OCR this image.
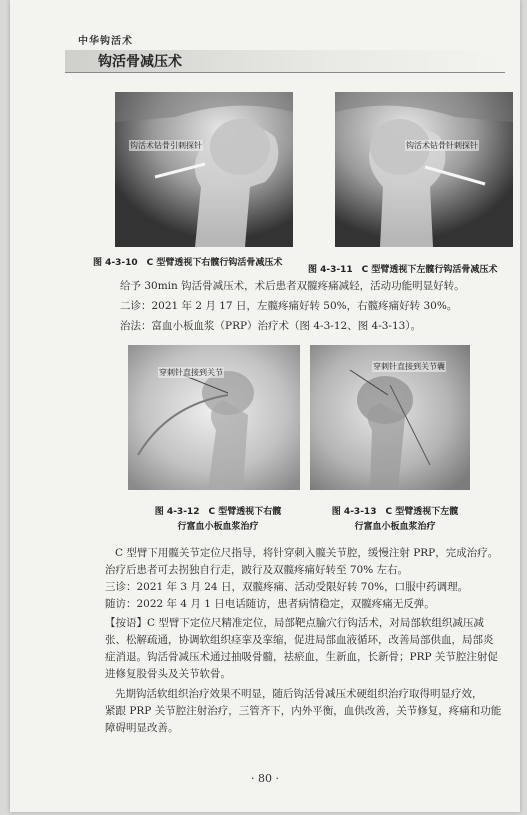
中华钩活术
钩活骨减压术
钩活术钻骨引刺探针
图 4-3-10　C 型臂透视下右髋行钩活骨减压术
钩活术钻骨针刺探针
图 4-3-11　C 型臂透视下左髋行钩活骨减压术
给予 30min 钩活骨减压术，术后患者双髋疼痛减轻，活动功能明显好转。
二诊：2021 年 2 月 17 日，左髋疼痛好转 50%，右髋疼痛好转 30%。
治法：富血小板血浆（PRP）治疗术（图 4-3-12、图 4-3-13）。
穿刺针直接到关节
图 4-3-12　C 型臂透视下右髋
行富血小板血浆治疗
穿刺针直接到关节囊
图 4-3-13　C 型臂透视下左髋
行富血小板血浆治疗
C 型臂下用髋关节定位尺指导，将针穿刺入髋关节腔，缓慢注射 PRP，完成治疗。
治疗后患者可去拐独自行走，跛行及双髋疼痛好转至 70% 左右。
三诊：2021 年 3 月 24 日，双髋疼痛、活动受限好转 70%，口服中药调理。
随访：2022 年 4 月 1 日电话随访，患者病情稳定，双髋疼痛无反弹。
【按语】C 型臂下定位尺精准定位，局部靶点腧穴行钩活术，对局部软组织减压减
张、松解疏通，协调软组织痉挛及挛缩，促进局部血液循环，改善局部供血，局部炎
症消退。钩活骨减压术通过抽吸骨髓，祛瘀血，生新血，长新骨；PRP 关节腔注射促
进修复股骨头及关节软骨。
先期钩活软组织治疗效果不明显，随后钩活骨减压术硬组织治疗取得明显疗效，
紧跟 PRP 关节腔注射治疗，三管齐下，内外平衡，血供改善，关节修复，疼痛和功能
障碍明显改善。
· 80 ·
